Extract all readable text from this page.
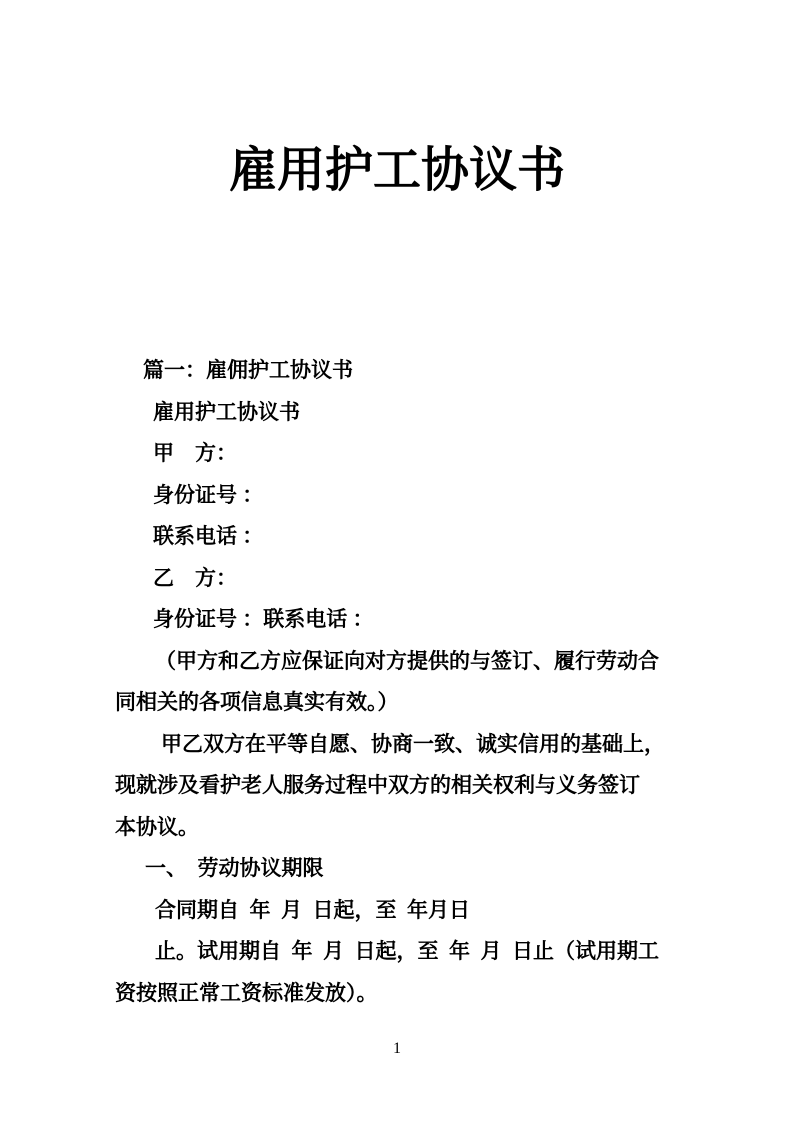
雇用护工协议书
篇一：雇佣护工协议书
雇用护工协议书
甲    方：
身份证号 ：
联系电话 ：
乙    方：
身份证号 ：联系电话 ：
（甲方和乙方应保证向对方提供的与签订、履行劳动合
同相关的各项信息真实有效。）
甲乙双方在平等自愿、协商一致、诚实信用的基础上，
现就涉及看护老人服务过程中双方的相关权利与义务签订
本协议。
一、  劳动协议期限
合同期自  年  月  日起，至  年月日
止。试用期自  年  月  日起，至  年  月  日止（试用期工
资按照正常工资标准发放）。
1
